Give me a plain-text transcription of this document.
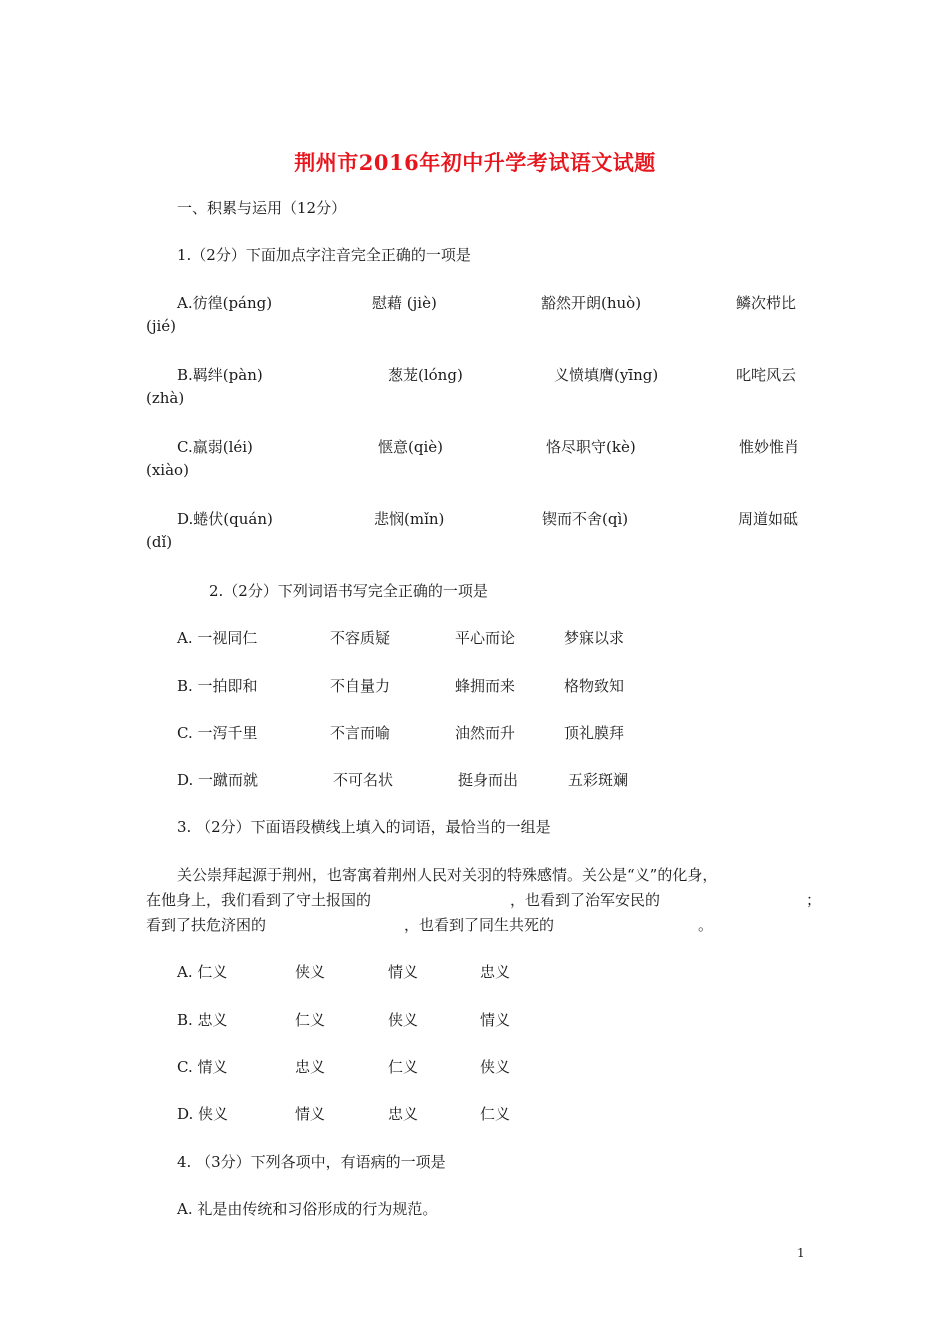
荆州市2016年初中升学考试语文试题
一、积累与运用（12分）
1.（2分）下面加点字注音完全正确的一项是
A.彷徨(páng)	慰藉 (jiè)	豁然开朗(huò)	鳞次栉比
(jié)
B.羁绊(pàn)	葱茏(lóng)	义愤填膺(yīng)	叱咤风云
(zhà)
C.羸弱(léi)	惬意(qiè)	恪尽职守(kè)	惟妙惟肖
(xiào)
D.蜷伏(quán)	悲悯(mǐn)	锲而不舍(qì)	周道如砥
(dǐ)
2.（2分）下列词语书写完全正确的一项是
A. 一视同仁	不容质疑	平心而论	梦寐以求
B. 一拍即和	不自量力	蜂拥而来	格物致知
C. 一泻千里	不言而喻	油然而升	顶礼膜拜
D. 一蹴而就	不可名状	挺身而出	五彩斑斓
3. （2分）下面语段横线上填入的词语，最恰当的一组是
关公崇拜起源于荆州，也寄寓着荆州人民对关羽的特殊感情。关公是“义”的化身，
在他身上，我们看到了守土报国的	，也看到了治军安民的	；
看到了扶危济困的	，也看到了同生共死的	。
A. 仁义	侠义	情义	忠义
B. 忠义	仁义	侠义	情义
C. 情义	忠义	仁义	侠义
D. 侠义	情义	忠义	仁义
4. （3分）下列各项中，有语病的一项是
A. 礼是由传统和习俗形成的行为规范。
1
